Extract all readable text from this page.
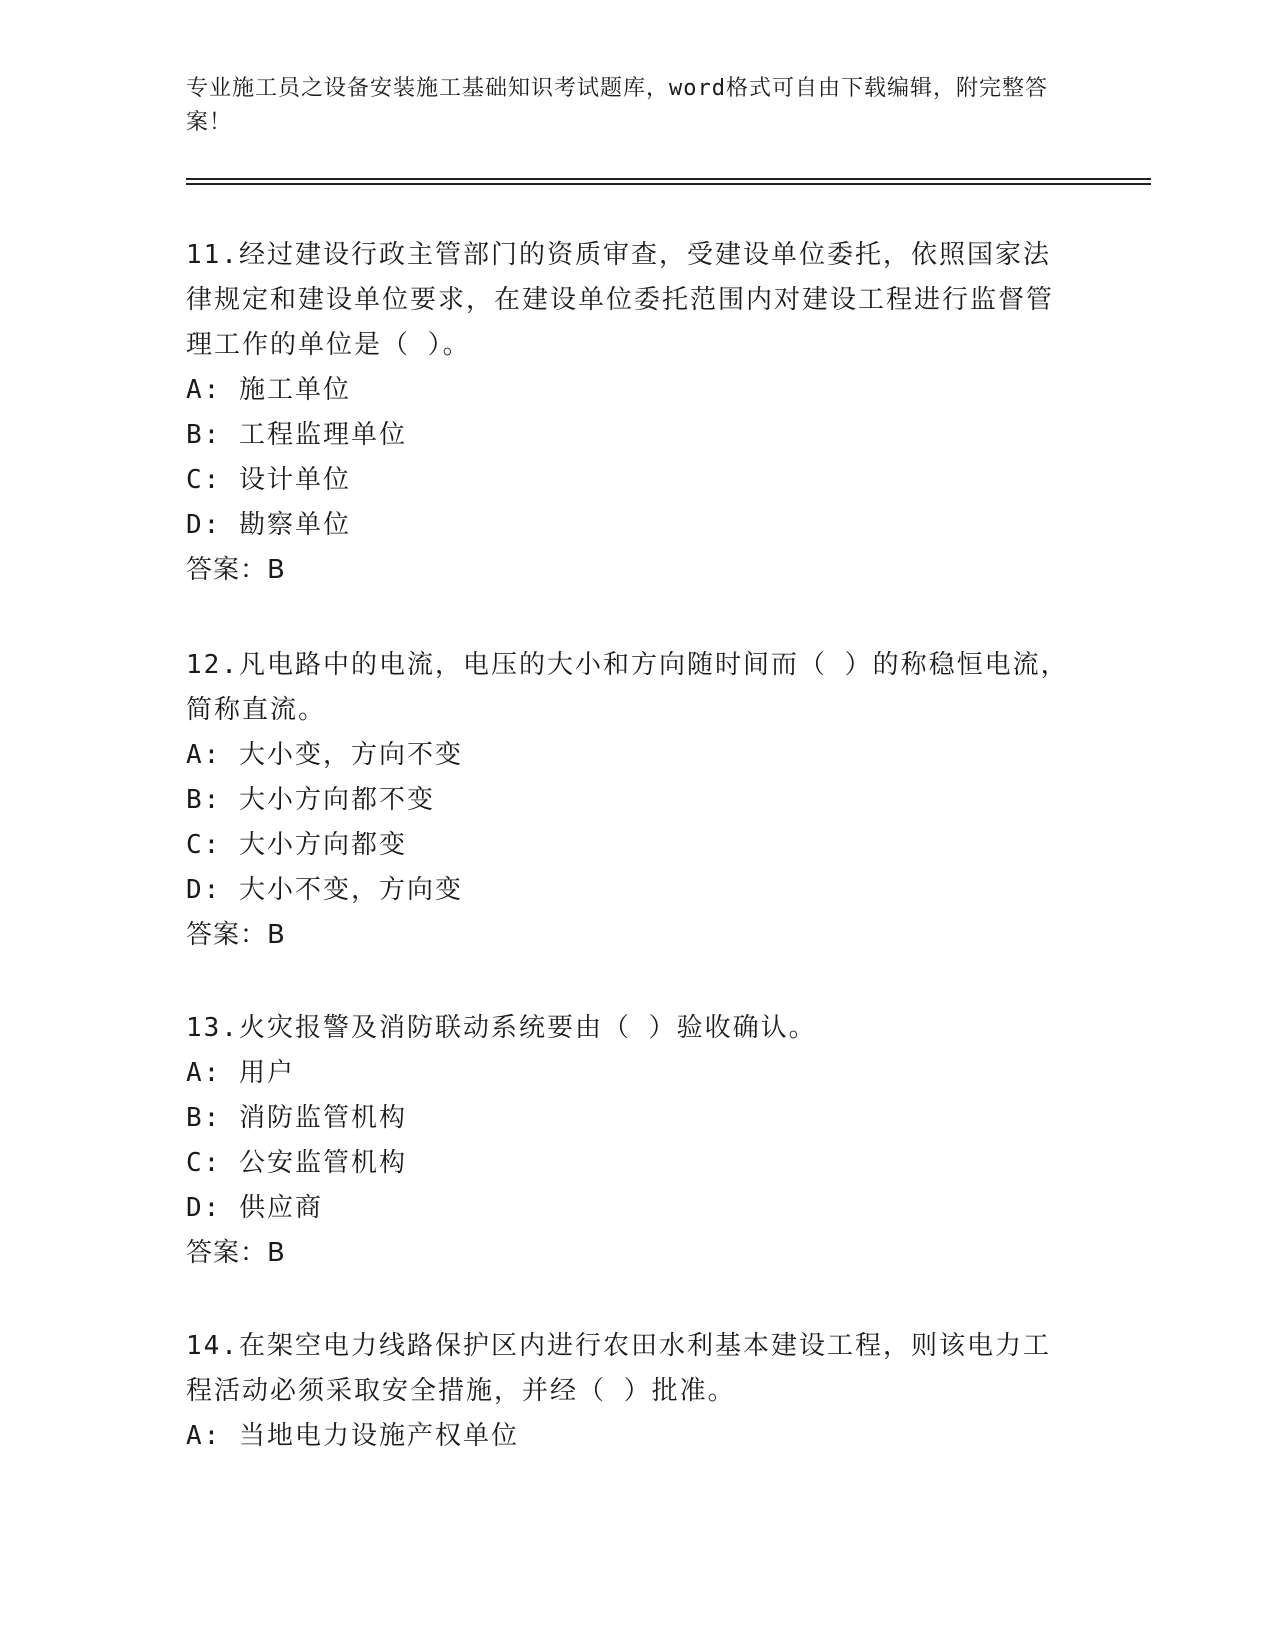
专业施工员之设备安装施工基础知识考试题库，word格式可自由下载编辑，附完整答案！

11.经过建设行政主管部门的资质审查，受建设单位委托，依照国家法律规定和建设单位要求，在建设单位委托范围内对建设工程进行监督管理工作的单位是（ ）。

A: 施工单位

B: 工程监理单位

C: 设计单位

D: 勘察单位

答案：B

12.凡电路中的电流，电压的大小和方向随时间而（ ）的称稳恒电流，简称直流。

A: 大小变，方向不变

B: 大小方向都不变

C: 大小方向都变

D: 大小不变，方向变

答案：B

13.火灾报警及消防联动系统要由（ ）验收确认。

A: 用户

B: 消防监管机构

C: 公安监管机构

D: 供应商

答案：B

14.在架空电力线路保护区内进行农田水利基本建设工程，则该电力工程活动必须采取安全措施，并经（ ）批准。

A: 当地电力设施产权单位
